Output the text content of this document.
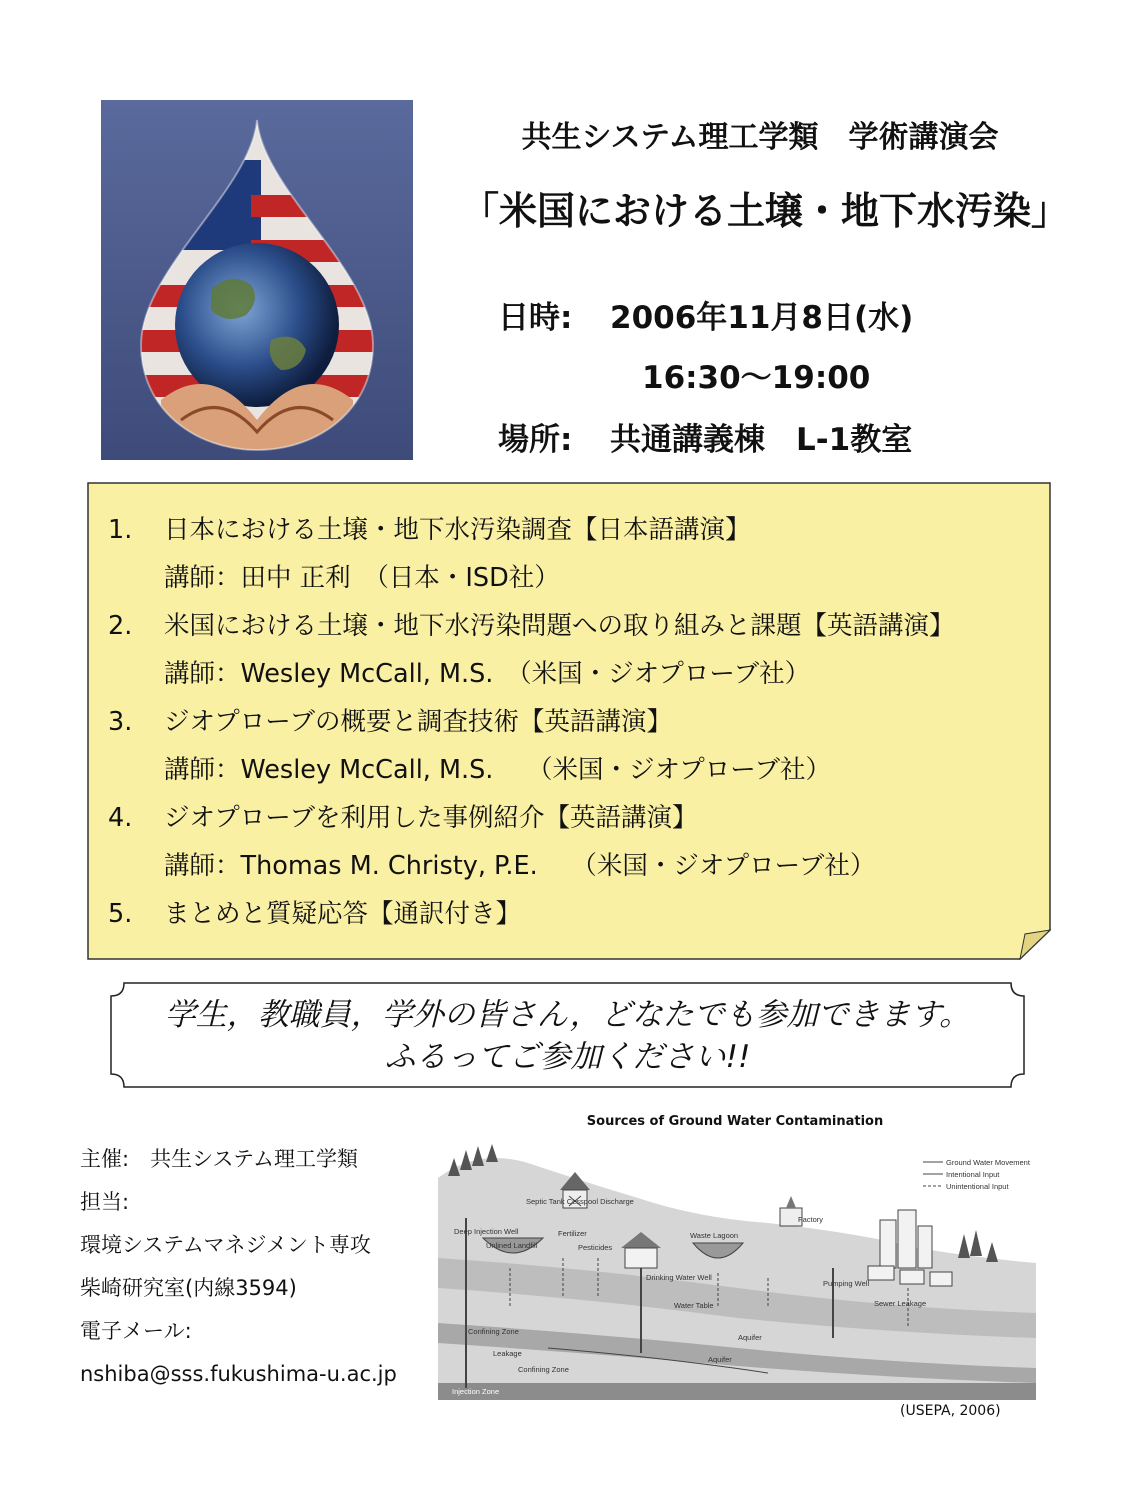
共生システム理工学類　学術講演会
「米国における土壌・地下水汚染」
日時: 2006年11月8日(水)
16:30〜19:00
場所: 共通講義棟　L-1教室
1. 日本における土壌・地下水汚染調査【日本語講演】
講師：田中 正利　（日本・ISD社）
2. 米国における土壌・地下水汚染問題への取り組みと課題【英語講演】
講師：Wesley McCall, M.S.　（米国・ジオプローブ社）
3. ジオプローブの概要と調査技術【英語講演】
講師：Wesley McCall, M.S.　 （米国・ジオプローブ社）
4. ジオプローブを利用した事例紹介【英語講演】
講師：Thomas M. Christy, P.E.　 （米国・ジオプローブ社）
5. まとめと質疑応答【通訳付き】
学生，教職員，学外の皆さん，どなたでも参加できます。
ふるってご参加ください!!
主催:　共生システム理工学類
担当:
環境システムマネジメント専攻
柴崎研究室(内線3594)
電子メール:
nshiba@sss.fukushima-u.ac.jp
Sources of Ground Water Contamination
Ground Water Movement
Intentional Input
Unintentional Input
Septic Tank Cesspool Discharge
Deep Injection Well
Unlined Landfill
Fertilizer
Pesticides
Waste Lagoon
Factory
Drinking Water Well
Water Table
Pumping Well
Sewer Leakage
Confining Zone
Leakage
Confining Zone
Aquifer
Aquifer
Injection Zone
(USEPA, 2006)
